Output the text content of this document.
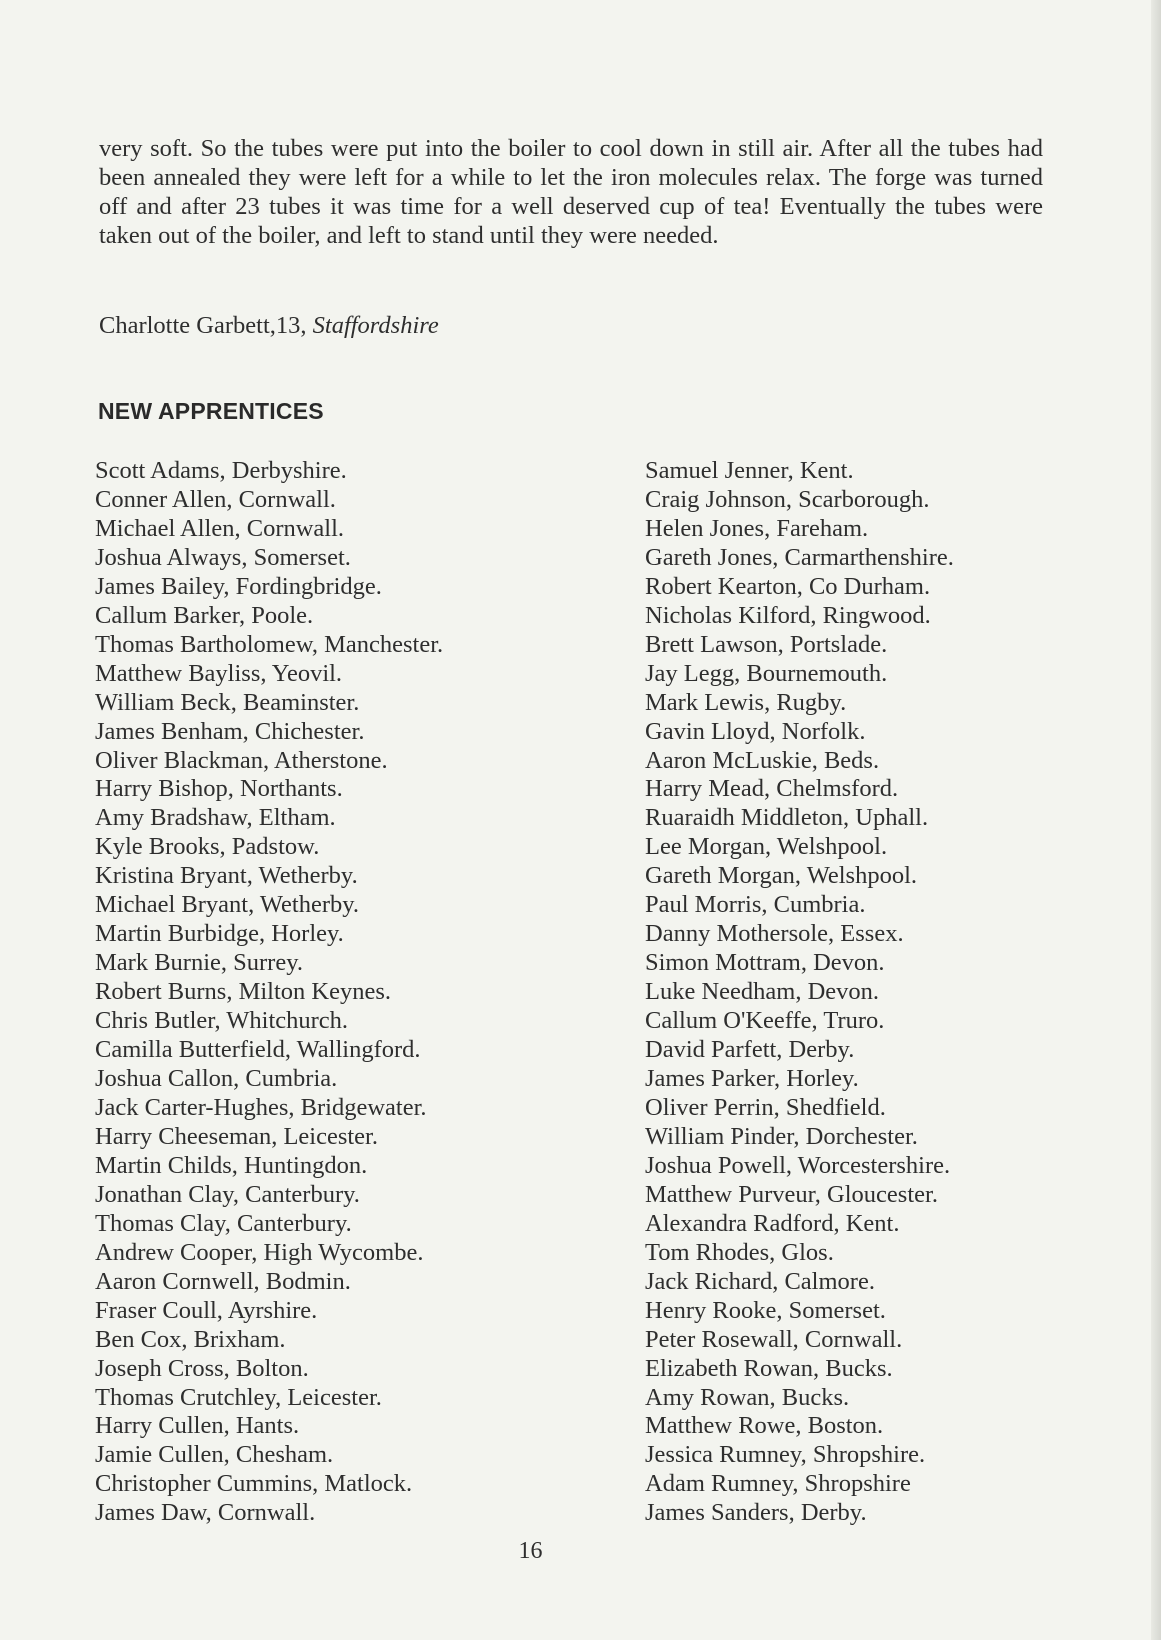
very soft. So the tubes were put into the boiler to cool down in still air. After all the tubes had been annealed they were left for a while to let the iron molecules relax. The forge was turned off and after 23 tubes it was time for a well deserved cup of tea! Eventually the tubes were taken out of the boiler, and left to stand until they were needed.

Charlotte Garbett,13, Staffordshire

NEW APPRENTICES
Scott Adams, Derbyshire.
Conner Allen, Cornwall.
Michael Allen, Cornwall.
Joshua Always, Somerset.
James Bailey, Fordingbridge.
Callum Barker, Poole.
Thomas Bartholomew, Manchester.
Matthew Bayliss, Yeovil.
William Beck, Beaminster.
James Benham, Chichester.
Oliver Blackman, Atherstone.
Harry Bishop, Northants.
Amy Bradshaw, Eltham.
Kyle Brooks, Padstow.
Kristina Bryant, Wetherby.
Michael Bryant, Wetherby.
Martin Burbidge, Horley.
Mark Burnie, Surrey.
Robert Burns, Milton Keynes.
Chris Butler, Whitchurch.
Camilla Butterfield, Wallingford.
Joshua Callon, Cumbria.
Jack Carter-Hughes, Bridgewater.
Harry Cheeseman, Leicester.
Martin Childs, Huntingdon.
Jonathan Clay, Canterbury.
Thomas Clay, Canterbury.
Andrew Cooper, High Wycombe.
Aaron Cornwell, Bodmin.
Fraser Coull, Ayrshire.
Ben Cox, Brixham.
Joseph Cross, Bolton.
Thomas Crutchley, Leicester.
Harry Cullen, Hants.
Jamie Cullen, Chesham.
Christopher Cummins, Matlock.
James Daw, Cornwall.
Samuel Jenner, Kent.
Craig Johnson, Scarborough.
Helen Jones, Fareham.
Gareth Jones, Carmarthenshire.
Robert Kearton, Co Durham.
Nicholas Kilford, Ringwood.
Brett Lawson, Portslade.
Jay Legg, Bournemouth.
Mark Lewis, Rugby.
Gavin Lloyd, Norfolk.
Aaron McLuskie, Beds.
Harry Mead, Chelmsford.
Ruaraidh Middleton, Uphall.
Lee Morgan, Welshpool.
Gareth Morgan, Welshpool.
Paul Morris, Cumbria.
Danny Mothersole, Essex.
Simon Mottram, Devon.
Luke Needham, Devon.
Callum O'Keeffe, Truro.
David Parfett, Derby.
James Parker, Horley.
Oliver Perrin, Shedfield.
William Pinder, Dorchester.
Joshua Powell, Worcestershire.
Matthew Purveur, Gloucester.
Alexandra Radford, Kent.
Tom Rhodes, Glos.
Jack Richard, Calmore.
Henry Rooke, Somerset.
Peter Rosewall, Cornwall.
Elizabeth Rowan, Bucks.
Amy Rowan, Bucks.
Matthew Rowe, Boston.
Jessica Rumney, Shropshire.
Adam Rumney, Shropshire
James Sanders, Derby.
16
